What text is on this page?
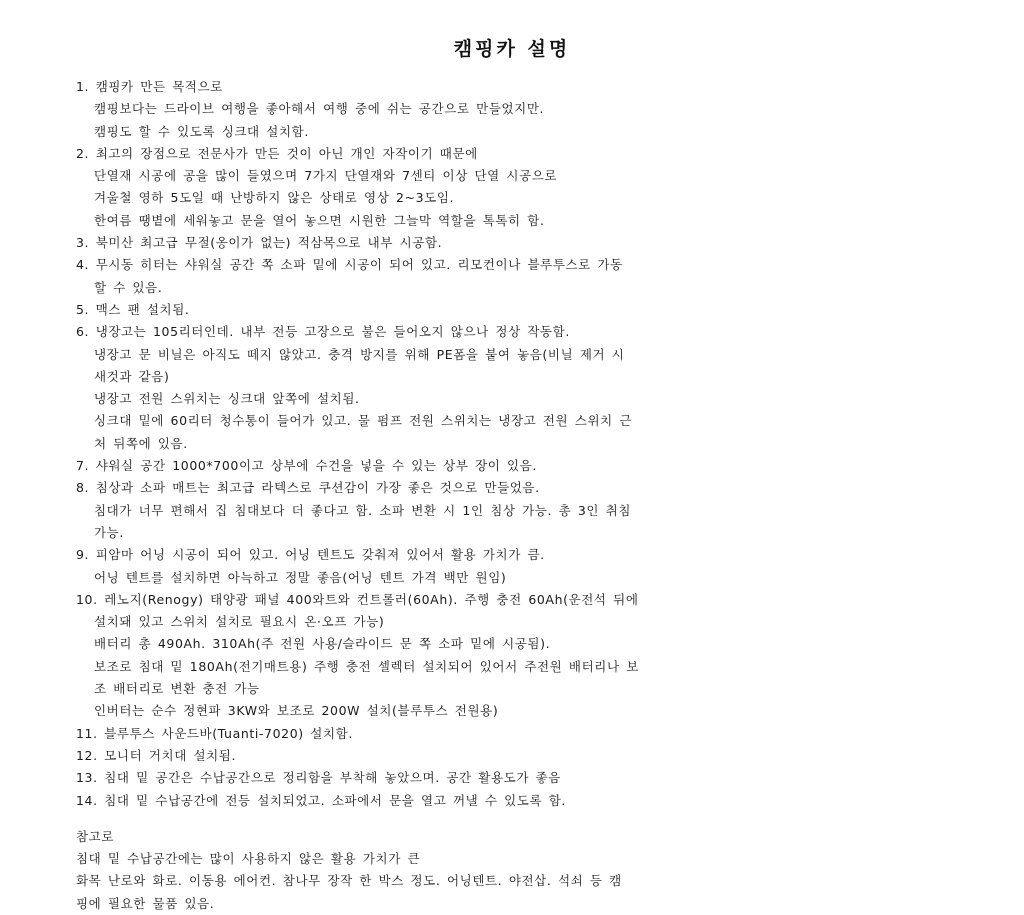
캠핑카 설명
1. 캠핑카 만든 목적으로
캠핑보다는 드라이브 여행을 좋아해서 여행 중에 쉬는 공간으로 만들었지만.
캠핑도 할 수 있도록 싱크대 설치함.
2. 최고의 장점으로 전문사가 만든 것이 아닌 개인 자작이기 때문에
단열재 시공에 공을 많이 들였으며 7가지 단열재와 7센티 이상 단열 시공으로
겨울철 영하 5도일 때 난방하지 않은 상태로 영상 2~3도임.
한여름 땡볕에 세워놓고 문을 열어 놓으면 시원한 그늘막 역할을 톡톡히 함.
3. 북미산 최고급 무절(옹이가 없는) 적삼목으로 내부 시공함.
4. 무시동 히터는 샤워실 공간 쪽 소파 밑에 시공이 되어 있고. 리모컨이나 블루투스로 가동
할 수 있음.
5. 맥스 팬 설치됨.
6. 냉장고는 105리터인데. 내부 전등 고장으로 불은 들어오지 않으나 정상 작동함.
냉장고 문 비닐은 아직도 떼지 않았고. 충격 방지를 위해 PE폼을 붙여 놓음(비닐 제거 시
새것과 같음)
냉장고 전원 스위치는 싱크대 앞쪽에 설치됨.
싱크대 밑에 60리터 청수통이 들어가 있고. 물 펌프 전원 스위치는 냉장고 전원 스위치 근
처 뒤쪽에 있음.
7. 샤워실 공간 1000*700이고 상부에 수건을 넣을 수 있는 상부 장이 있음.
8. 침상과 소파 매트는 최고급 라텍스로 쿠션감이 가장 좋은 것으로 만들었음.
침대가 너무 편해서 집 침대보다 더 좋다고 함. 소파 변환 시 1인 침상 가능. 총 3인 취침
가능.
9. 피암마 어닝 시공이 되어 있고. 어닝 텐트도 갖춰져 있어서 활용 가치가 큼.
어닝 텐트를 설치하면 아늑하고 정말 좋음(어닝 텐트 가격 백만 원임)
10. 레노지(Renogy) 태양광 패널 400와트와 컨트롤러(60Ah). 주행 충전 60Ah(운전석 뒤에
설치돼 있고 스위치 설치로 필요시 온·오프 가능)
배터리 총 490Ah. 310Ah(주 전원 사용/슬라이드 문 쪽 소파 밑에 시공됨).
보조로 침대 밑 180Ah(전기매트용) 주행 충전 셀렉터 설치되어 있어서 주전원 배터리나 보
조 배터리로 변환 충전 가능
인버터는 순수 정현파 3KW와 보조로 200W 설치(블루투스 전원용)
11. 블루투스 사운드바(Tuanti-7020) 설치함.
12. 모니터 거치대 설치됨.
13. 침대 밑 공간은 수납공간으로 정리함을 부착해 놓았으며. 공간 활용도가 좋음
14. 침대 밑 수납공간에 전등 설치되었고. 소파에서 문을 열고 꺼낼 수 있도록 함.
참고로
침대 밑 수납공간에는 많이 사용하지 않은 활용 가치가 큰
화목 난로와 화로. 이동용 에어컨. 참나무 장작 한 박스 정도. 어닝텐트. 야전삽. 석쇠 등 캠
핑에 필요한 물품 있음.
